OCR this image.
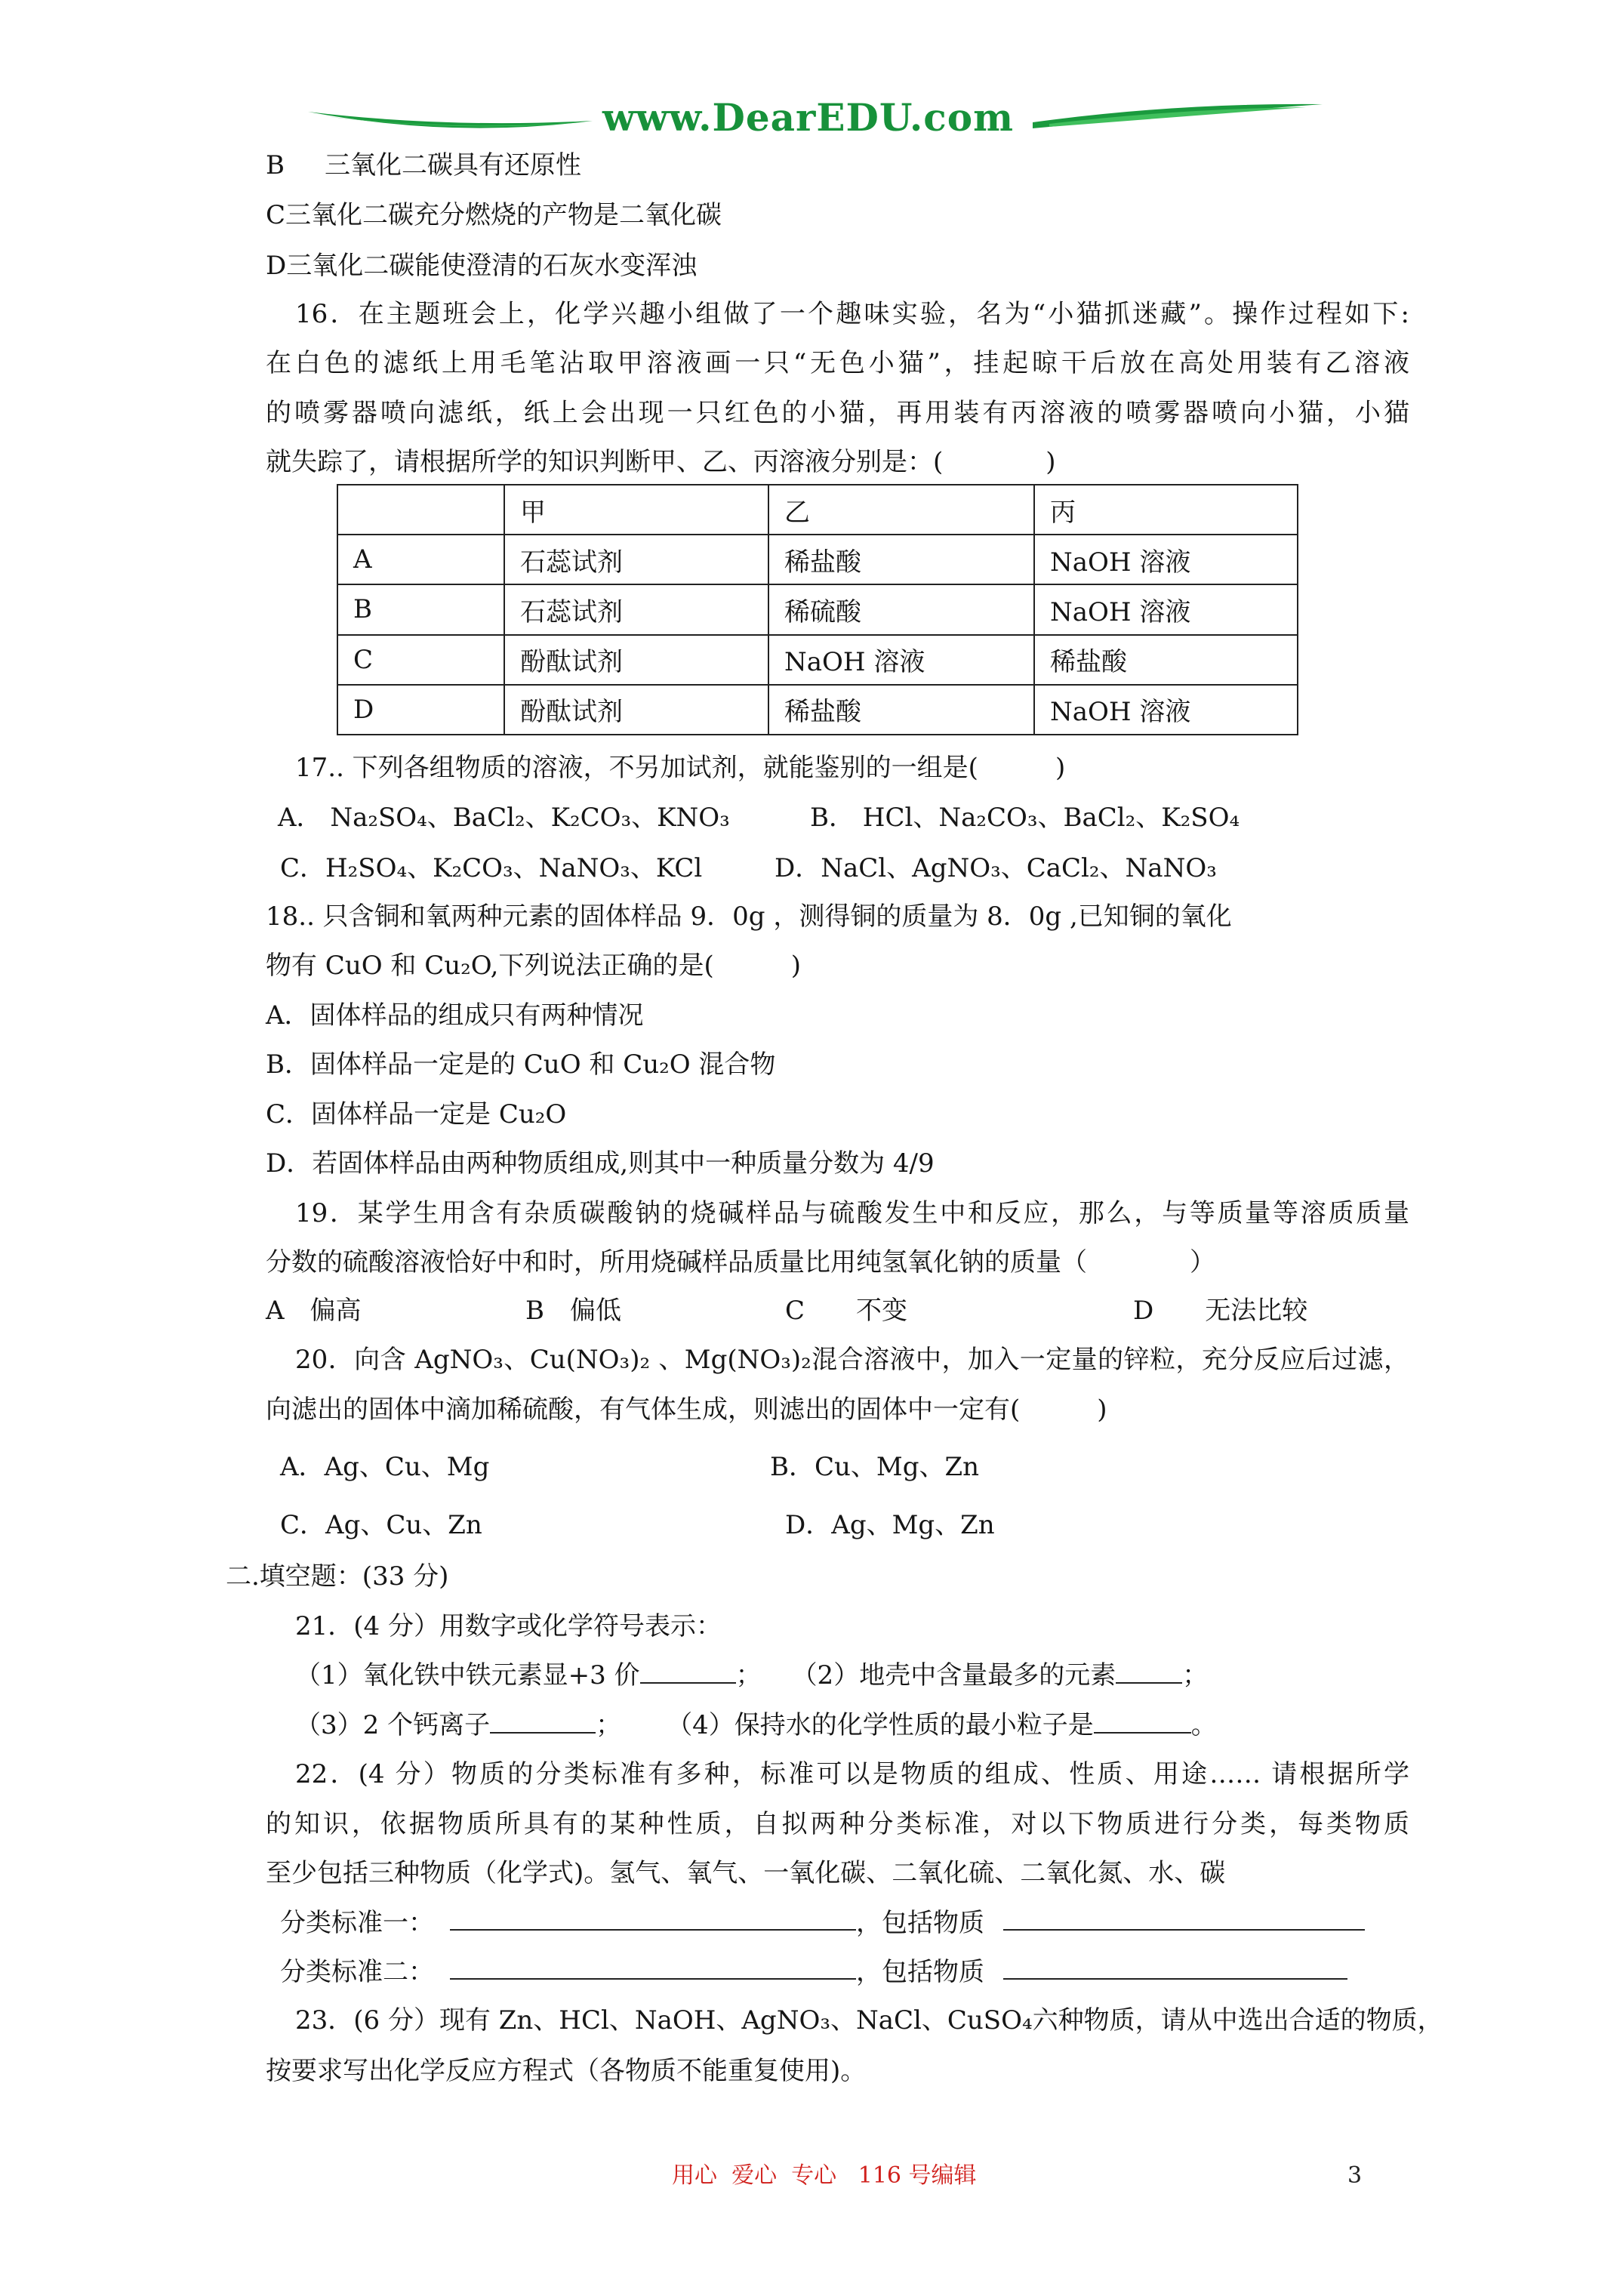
www.DearEDU.com
B 三氧化二碳具有还原性
C三氧化二碳充分燃烧的产物是二氧化碳
D三氧化二碳能使澄清的石灰水变浑浊
16．在主题班会上，化学兴趣小组做了一个趣味实验，名为“小猫抓迷藏”。操作过程如下:
在白色的滤纸上用毛笔沾取甲溶液画一只“无色小猫”，挂起晾干后放在高处用装有乙溶液
的喷雾器喷向滤纸，纸上会出现一只红色的小猫，再用装有丙溶液的喷雾器喷向小猫，小猫
就失踪了，请根据所学的知识判断甲、乙、丙溶液分别是：(　　　　)
	甲	乙	丙
A	石蕊试剂	稀盐酸	NaOH 溶液
B	石蕊试剂	稀硫酸	NaOH 溶液
C	酚酞试剂	NaOH 溶液	稀盐酸
D	酚酞试剂	稀盐酸	NaOH 溶液
17.. 下列各组物质的溶液，不另加试剂，就能鉴别的一组是(　　　)
A． Na₂SO₄、BaCl₂、K₂CO₃、KNO₃	B． HCl、Na₂CO₃、BaCl₂、K₂SO₄
C．H₂SO₄、K₂CO₃、NaNO₃、KCl	D．NaCl、AgNO₃、CaCl₂、NaNO₃
18.. 只含铜和氧两种元素的固体样品 9．0g ，测得铜的质量为 8．0g ,已知铜的氧化
物有 CuO 和 Cu₂O,下列说法正确的是(　　　)
A．固体样品的组成只有两种情况
B．固体样品一定是的 CuO 和 Cu₂O 混合物
C．固体样品一定是 Cu₂O
D．若固体样品由两种物质组成,则其中一种质量分数为 4/9
19．某学生用含有杂质碳酸钠的烧碱样品与硫酸发生中和反应，那么，与等质量等溶质质量
分数的硫酸溶液恰好中和时，所用烧碱样品质量比用纯氢氧化钠的质量（　　　　）
A　偏高	B　偏低	C　　不变	D　　无法比较
20．向含 AgNO₃、Cu(NO₃)₂ 、Mg(NO₃)₂混合溶液中，加入一定量的锌粒，充分反应后过滤，
向滤出的固体中滴加稀硫酸，有气体生成，则滤出的固体中一定有(　　　)
A．Ag、Cu、Mg	B．Cu、Mg、Zn
C．Ag、Cu、Zn	D．Ag、Mg、Zn
二.填空题：(33 分)
21．(4 分）用数字或化学符号表示：
（1）氧化铁中铁元素显+3 价	； （2）地壳中含量最多的元素	；
（3）2 个钙离子	； （4）保持水的化学性质的最小粒子是	。
22．(4 分）物质的分类标准有多种，标准可以是物质的组成、性质、用途…… 请根据所学
的知识，依据物质所具有的某种性质，自拟两种分类标准，对以下物质进行分类，每类物质
至少包括三种物质（化学式)。氢气、氧气、一氧化碳、二氧化硫、二氧化氮、水、碳
分类标准一：	，包括物质
分类标准二：	，包括物质
23．(6 分）现有 Zn、HCl、NaOH、AgNO₃、NaCl、CuSO₄六种物质，请从中选出合适的物质，
按要求写出化学反应方程式（各物质不能重复使用)。
用心  爱心  专心   116 号编辑	3
